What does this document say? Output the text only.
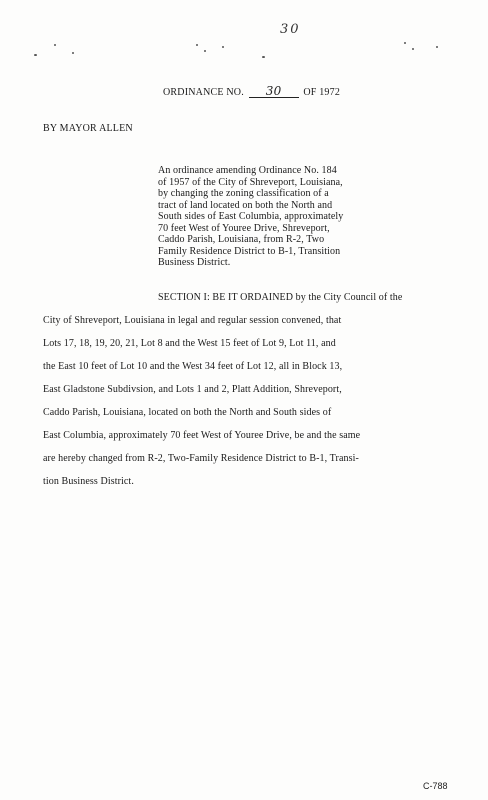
30
ORDINANCE NO. 30 OF 1972
BY MAYOR ALLEN
An ordinance amending Ordinance No. 184
of 1957 of the City of Shreveport, Louisiana,
by changing the zoning classification of a
tract of land located on both the North and
South sides of East Columbia, approximately
70 feet West of Youree Drive, Shreveport,
Caddo Parish, Louisiana, from R-2, Two
Family Residence District to B-1, Transition
Business District.
SECTION I: BE IT ORDAINED by the City Council of the
City of Shreveport, Louisiana in legal and regular session convened, that
Lots 17, 18, 19, 20, 21, Lot 8 and the West 15 feet of Lot 9, Lot 11, and
the East 10 feet of Lot 10 and the West 34 feet of Lot 12, all in Block 13,
East Gladstone Subdivsion, and Lots 1 and 2, Platt Addition, Shreveport,
Caddo Parish, Louisiana, located on both the North and South sides of
East Columbia, approximately 70 feet West of Youree Drive, be and the same
are hereby changed from R-2, Two-Family Residence District to B-1, Transi-
tion Business District.
C-788
